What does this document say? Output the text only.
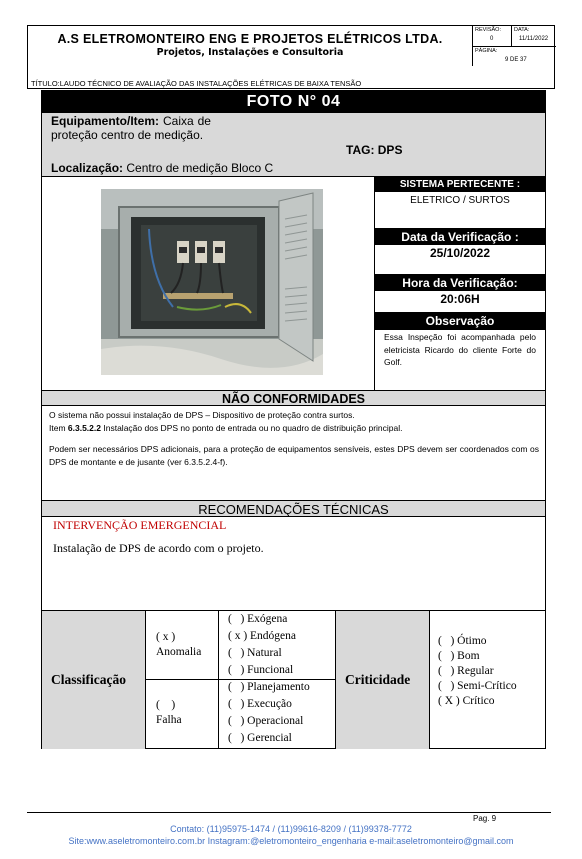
A.S ELETROMONTEIRO ENG E PROJETOS ELÉTRICOS LTDA.
Projetos, Instalações e Consultoria
REVISÃO:
0
DATA:
11/11/2022
PÁGINA:
9 DE 37
TÍTULO:LAUDO TÉCNICO DE AVALIAÇÃO DAS INSTALAÇÕES ELÉTRICAS DE BAIXA TENSÃO
FOTO N° 04
Equipamento/Item: Caixa de proteção centro de medição.
Localização: Centro de medição Bloco C
TAG: DPS
SISTEMA PERTECENTE :
ELETRICO / SURTOS
Data da Verificação :
25/10/2022
Hora da Verificação:
20:06H
Observação
Essa Inspeção foi acompanhada pelo eletricista Ricardo do cliente Forte do Golf.
NÃO CONFORMIDADES
O sistema não possui instalação de DPS – Dispositivo de proteção contra surtos.

Item 6.3.5.2.2 Instalação dos DPS no ponto de entrada ou no quadro de distribuição principal.

Podem ser necessários DPS adicionais, para a proteção de equipamentos sensíveis, estes DPS devem ser coordenados com os DPS de montante e de jusante (ver 6.3.5.2.4-f).
RECOMENDAÇÕES TÉCNICAS
INTERVENÇÃO EMERGENCIAL
Instalação de DPS de acordo com o projeto.
Classificação	Criticidade
( x )
Anomalia
(    )
Falha
(   ) Exógena
( x ) Endógena
(   ) Natural
(   ) Funcional
(   ) Planejamento
(   ) Execução
(   ) Operacional
(   ) Gerencial
(   ) Ótimo
(   ) Bom
(   ) Regular
(   ) Semi-Crítico
( X ) Crítico
Pag. 9
Contato: (11)95975-1474 / (11)99616-8209 / (11)99378-7772
Site:www.aseletromonteiro.com.br Instagram:@eletromonteiro_engenharia e-mail:aseletromonteiro@gmail.com
